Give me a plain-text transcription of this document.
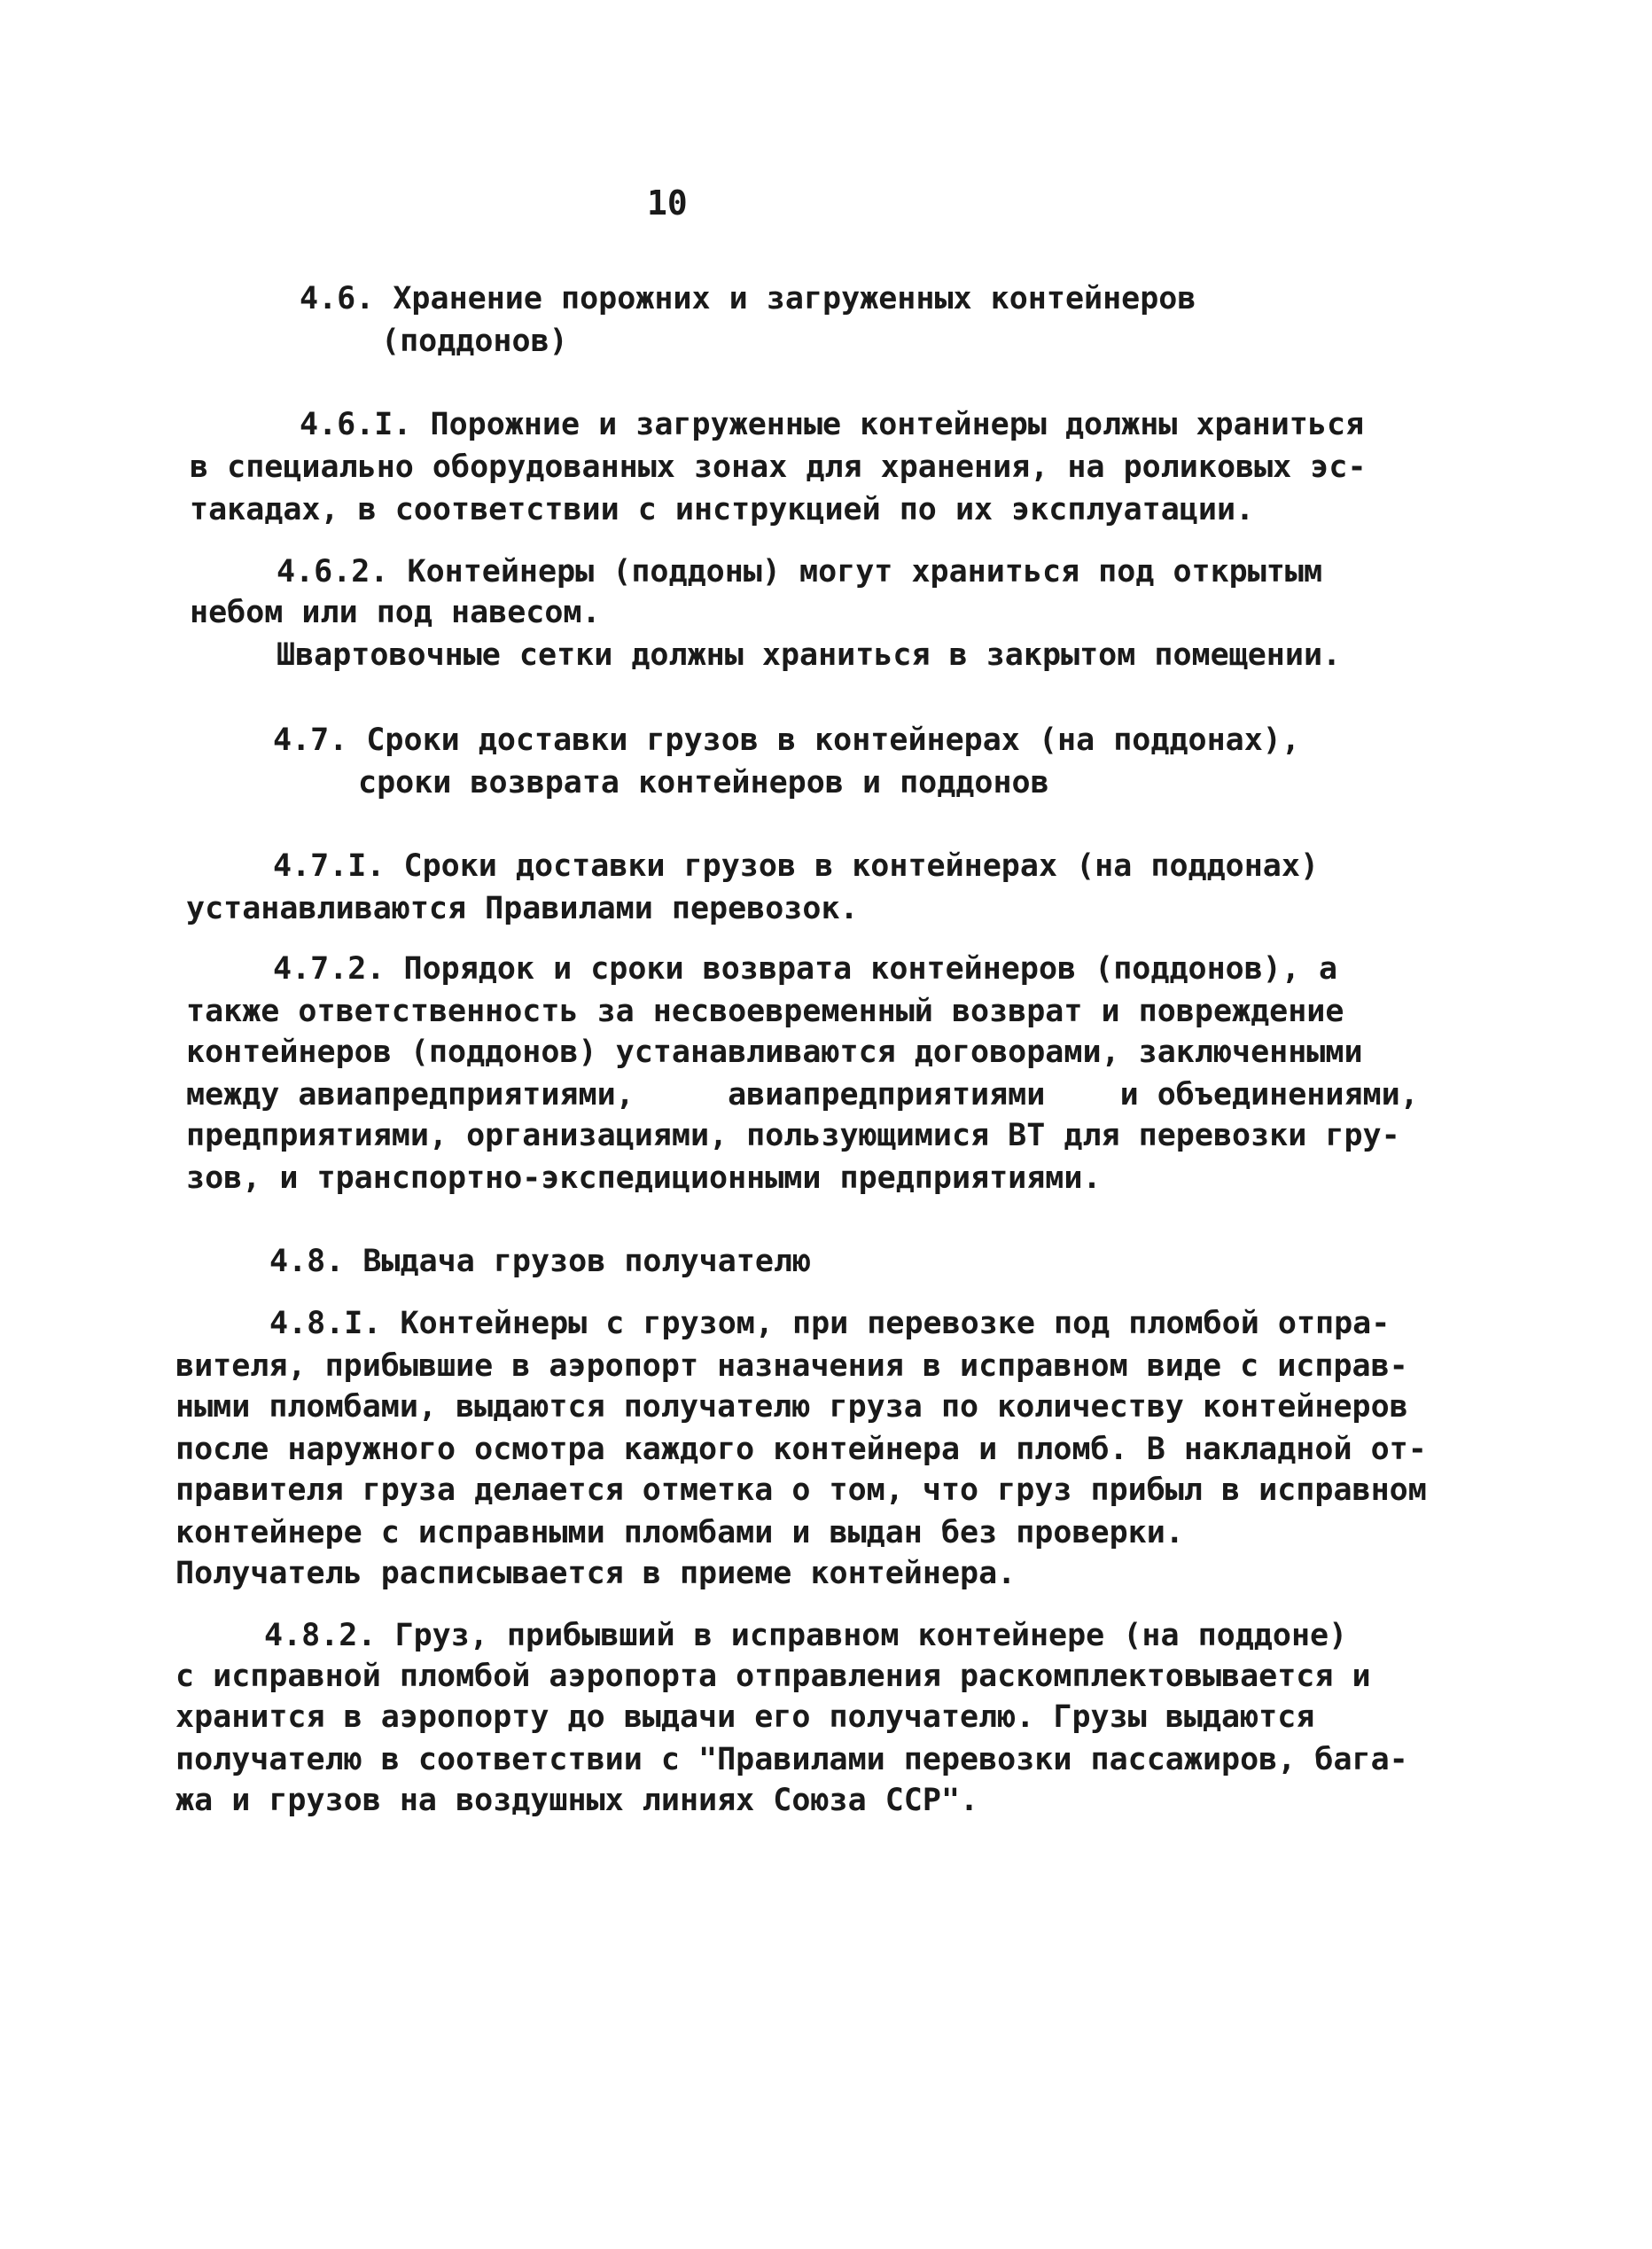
10
4.6. Хранение порожних и загруженных контейнеров
(поддонов)
4.6.I. Порожние и загруженные контейнеры должны храниться
в специально оборудованных зонах для хранения, на роликовых эс-
такадах, в соответствии с инструкцией по их эксплуатации.
4.6.2. Контейнеры (поддоны) могут храниться под открытым
небом или под навесом.
Швартовочные сетки должны храниться в закрытом помещении.
4.7. Сроки доставки грузов в контейнерах (на поддонах),
сроки возврата контейнеров и поддонов
4.7.I. Сроки доставки грузов в контейнерах (на поддонах)
устанавливаются Правилами перевозок.
4.7.2. Порядок и сроки возврата контейнеров (поддонов), а
также ответственность за несвоевременный возврат и повреждение
контейнеров (поддонов) устанавливаются договорами, заключенными
между авиапредприятиями,     авиапредприятиями    и объединениями,
предприятиями, организациями, пользующимися ВТ для перевозки гру-
зов, и транспортно-экспедиционными предприятиями.
4.8. Выдача грузов получателю
4.8.I. Контейнеры с грузом, при перевозке под пломбой отпра-
вителя, прибывшие в аэропорт назначения в исправном виде с исправ-
ными пломбами, выдаются получателю груза по количеству контейнеров
после наружного осмотра каждого контейнера и пломб. В накладной от-
правителя груза делается отметка о том, что груз прибыл в исправном
контейнере с исправными пломбами и выдан без проверки.
Получатель расписывается в приеме контейнера.
4.8.2. Груз, прибывший в исправном контейнере (на поддоне)
с исправной пломбой аэропорта отправления раскомплектовывается и
хранится в аэропорту до выдачи его получателю. Грузы выдаются
получателю в соответствии с "Правилами перевозки пассажиров, бага-
жа и грузов на воздушных линиях Союза ССР".
